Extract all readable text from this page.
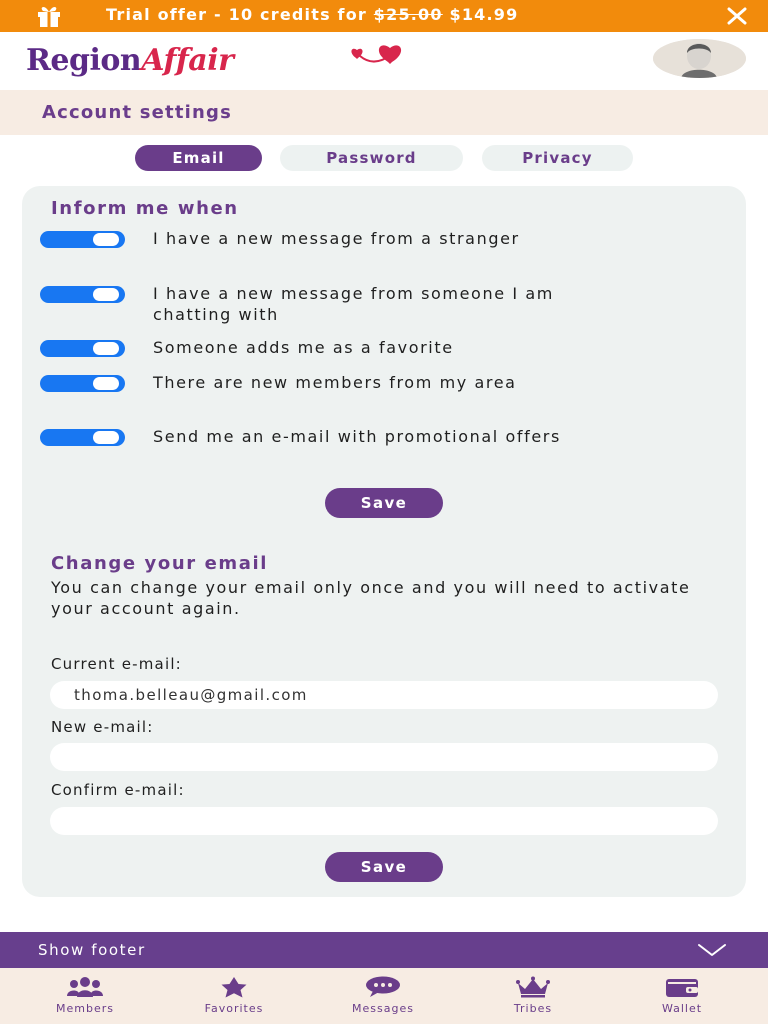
Trial offer - 10 credits for $25.00 $14.99
Region Affair
Account settings
Email	Password	Privacy
Inform me when
I have a new message from a stranger
I have a new message from someone I am chatting with
Someone adds me as a favorite
There are new members from my area
Send me an e-mail with promotional offers
Save
Change your email
You can change your email only once and you will need to activate your account again.
Current e-mail:
thoma.belleau@gmail.com
New e-mail:
Confirm e-mail:
Save
Show footer
Members	Favorites	Messages	Tribes	Wallet
